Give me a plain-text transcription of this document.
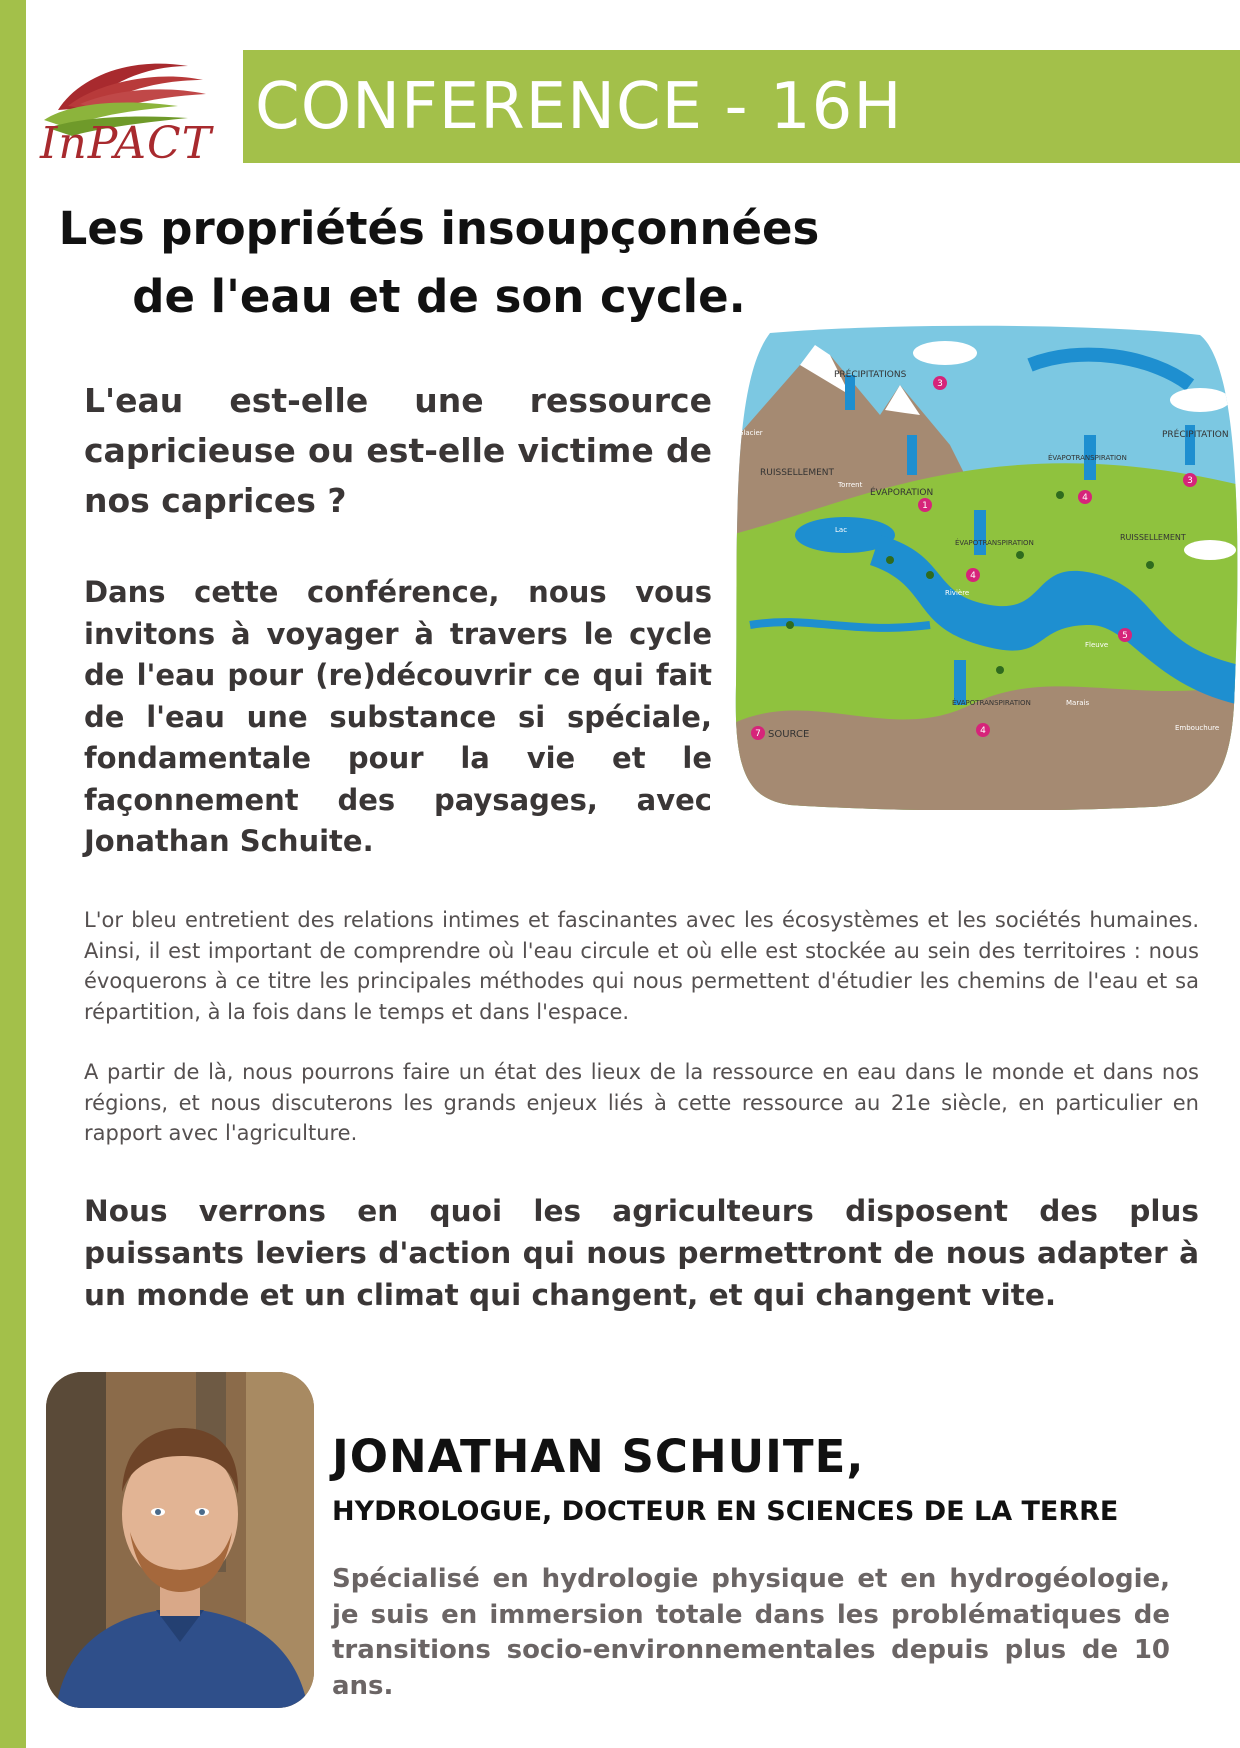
InPACT CONFERENCE - 16H
Les propriétés insoupçonnées
de l'eau et de son cycle.
PRÉCIPITATIONS
PRÉCIPITATION
RUISSELLEMENT
RUISSELLEMENT
ÉVAPORATION
ÉVAPOTRANSPIRATION
ÉVAPOTRANSPIRATION
ÉVAPOTRANSPIRATION
Glacier
Torrent
Lac
Rivière
Fleuve
Marais
Embouchure
SOURCE
3
3
1
4
4
4
5
7
L'eau est-elle une ressource capricieuse ou est-elle victime de nos caprices ?
Dans cette conférence, nous vous invitons à voyager à travers le cycle de l'eau pour (re)découvrir ce qui fait de l'eau une substance si spéciale, fondamentale pour la vie et le façonnement des paysages, avec Jonathan Schuite.
L'or bleu entretient des relations intimes et fascinantes avec les écosystèmes et les sociétés humaines. Ainsi, il est important de comprendre où l'eau circule et où elle est stockée au sein des territoires : nous évoquerons à ce titre les principales méthodes qui nous permettent d'étudier les chemins de l'eau et sa répartition, à la fois dans le temps et dans l'espace.
A partir de là, nous pourrons faire un état des lieux de la ressource en eau dans le monde et dans nos régions, et nous discuterons les grands enjeux liés à cette ressource au 21e siècle, en particulier en rapport avec l'agriculture.
Nous verrons en quoi les agriculteurs disposent des plus puissants leviers d'action qui nous permettront de nous adapter à un monde et un climat qui changent, et qui changent vite.
JONATHAN SCHUITE,
HYDROLOGUE, DOCTEUR EN SCIENCES DE LA TERRE
Spécialisé en hydrologie physique et en hydrogéologie, je suis en immersion totale dans les problématiques de transitions socio-environnementales depuis plus de 10 ans.
